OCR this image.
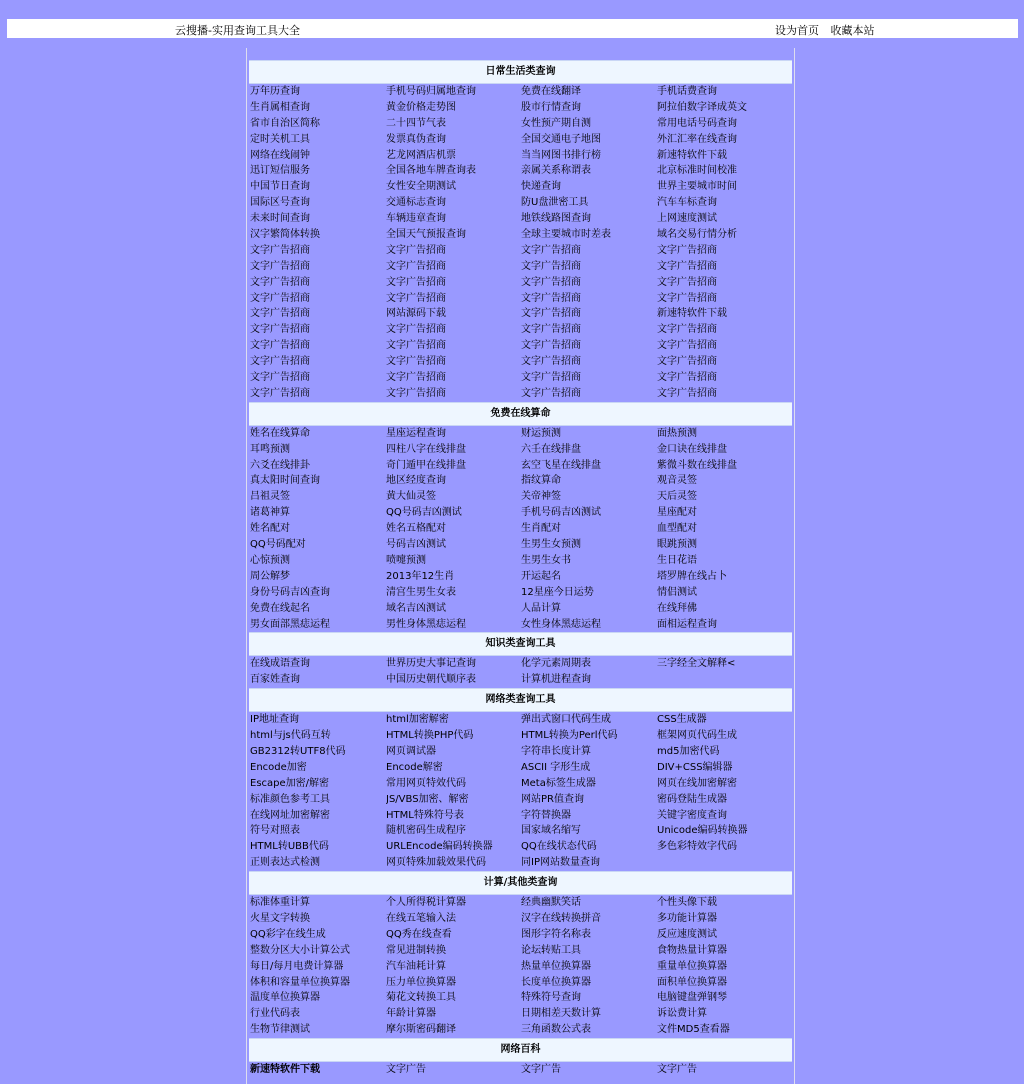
云搜播-实用查询工具大全	设为首页 收藏本站
日常生活类查询
万年历查询	手机号码归属地查询	免费在线翻译	手机话费查询
生肖属相查询	黄金价格走势图	股市行情查询	阿拉伯数字译成英文
省市自治区简称	二十四节气表	女性预产期自测	常用电话号码查询
定时关机工具	发票真伪查询	全国交通电子地图	外汇汇率在线查询
网络在线闹钟	艺龙网酒店机票	当当网图书排行榜	新速特软件下载
迅订短信服务	全国各地车牌查询表	亲属关系称谓表	北京标准时间校准
中国节日查询	女性安全期测试	快递查询	世界主要城市时间
国际区号查询	交通标志查询	防U盘泄密工具	汽车车标查询
未来时间查询	车辆违章查询	地铁线路图查询	上网速度测试
汉字繁简体转换	全国天气预报查询	全球主要城市时差表	域名交易行情分析
文字广告招商	文字广告招商	文字广告招商	文字广告招商
文字广告招商	文字广告招商	文字广告招商	文字广告招商
文字广告招商	文字广告招商	文字广告招商	文字广告招商
文字广告招商	文字广告招商	文字广告招商	文字广告招商
文字广告招商	网站源码下载	文字广告招商	新速特软件下载
文字广告招商	文字广告招商	文字广告招商	文字广告招商
文字广告招商	文字广告招商	文字广告招商	文字广告招商
文字广告招商	文字广告招商	文字广告招商	文字广告招商
文字广告招商	文字广告招商	文字广告招商	文字广告招商
文字广告招商	文字广告招商	文字广告招商	文字广告招商
免费在线算命
姓名在线算命	星座运程查询	财运预测	面热预测
耳鸣预测	四柱八字在线排盘	六壬在线排盘	金口诀在线排盘
六爻在线排卦	奇门遁甲在线排盘	玄空飞星在线排盘	紫微斗数在线排盘
真太阳时间查询	地区经度查询	指纹算命	观音灵签
吕祖灵签	黄大仙灵签	关帝神签	天后灵签
诸葛神算	QQ号码吉凶测试	手机号码吉凶测试	星座配对
姓名配对	姓名五格配对	生肖配对	血型配对
QQ号码配对	号码吉凶测试	生男生女预测	眼跳预测
心惊预测	喷嚏预测	生男生女书	生日花语
周公解梦	2013年12生肖	开运起名	塔罗牌在线占卜
身份号码吉凶查询	清宫生男生女表	12星座今日运势	情侣测试
免费在线起名	域名吉凶测试	人品计算	在线拜佛
男女面部黑痣运程	男性身体黑痣运程	女性身体黑痣运程	面相运程查询
知识类查询工具
在线成语查询	世界历史大事记查询	化学元素周期表	三字经全文解释<
百家姓查询	中国历史朝代顺序表	计算机进程查询
网络类查询工具
IP地址查询	html加密解密	弹出式窗口代码生成	CSS生成器
html与js代码互转	HTML转换PHP代码	HTML转换为Perl代码	框架网页代码生成
GB2312转UTF8代码	网页调试器	字符串长度计算	md5加密代码
Encode加密	Encode解密	ASCII 字形生成	DIV+CSS编辑器
Escape加密/解密	常用网页特效代码	Meta标签生成器	网页在线加密解密
标准颜色参考工具	JS/VBS加密、解密	网站PR值查询	密码登陆生成器
在线网址加密解密	HTML特殊符号表	字符替换器	关键字密度查询
符号对照表	随机密码生成程序	国家域名缩写	Unicode编码转换器
HTML转UBB代码	URLEncode编码转换器	QQ在线状态代码	多色彩特效字代码
正则表达式检测	网页特殊加载效果代码	同IP网站数量查询
计算/其他类查询
标准体重计算	个人所得税计算器	经典幽默笑话	个性头像下载
火星文字转换	在线五笔输入法	汉字在线转换拼音	多功能计算器
QQ彩字在线生成	QQ秀在线查看	图形字符名称表	反应速度测试
整数分区大小计算公式	常见进制转换	论坛转贴工具	食物热量计算器
每日/每月电费计算器	汽车油耗计算	热量单位换算器	重量单位换算器
体积和容量单位换算器	压力单位换算器	长度单位换算器	面积单位换算器
温度单位换算器	菊花文转换工具	特殊符号查询	电脑键盘弹钢琴
行业代码表	年龄计算器	日期相差天数计算	诉讼费计算
生物节律测试	摩尔斯密码翻译	三角函数公式表	文件MD5查看器
网络百科
新速特软件下载	文字广告	文字广告	文字广告
